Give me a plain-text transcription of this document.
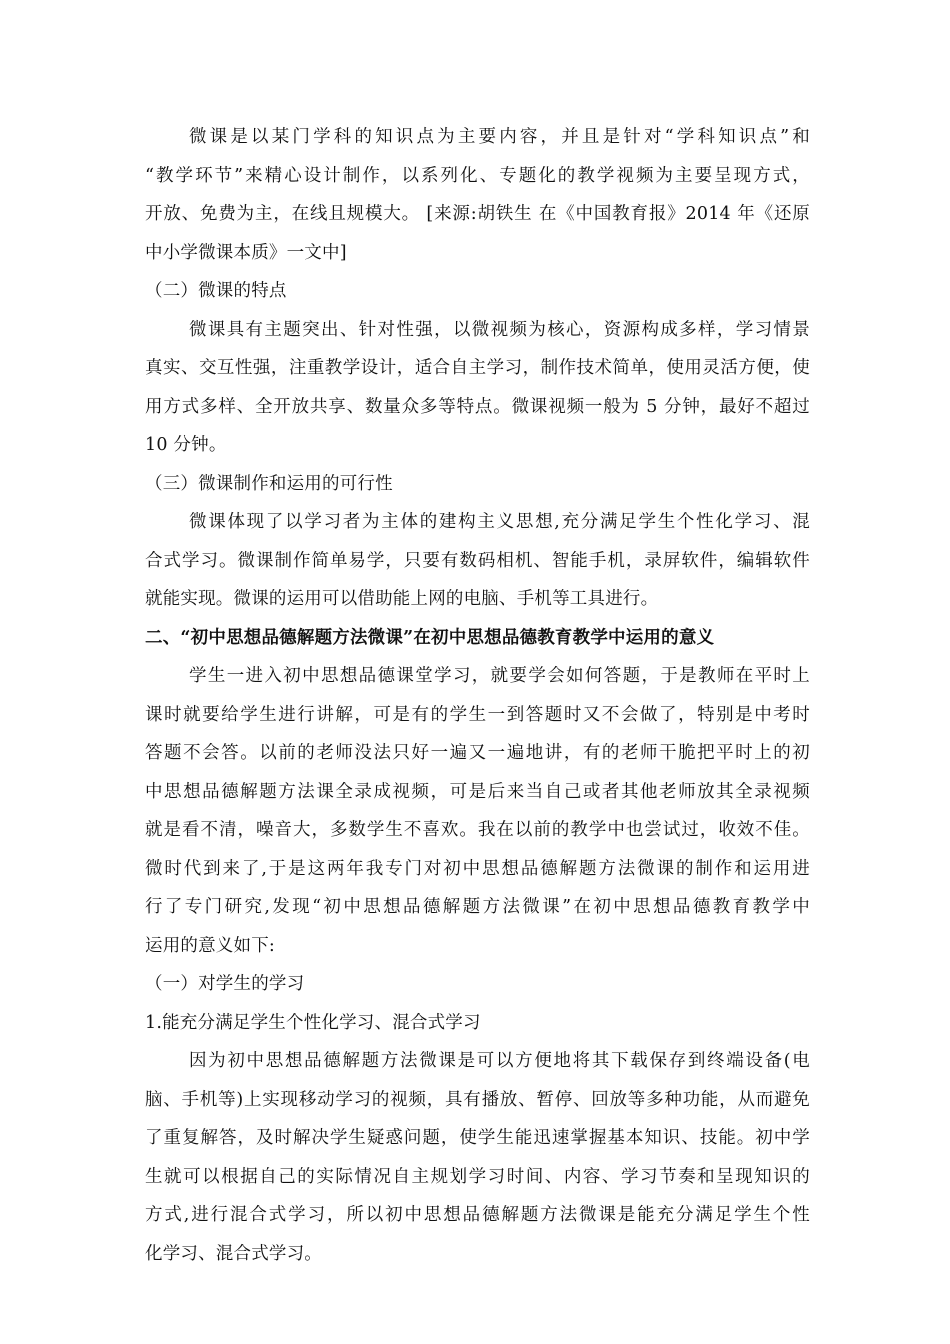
微课是以某门学科的知识点为主要内容，并且是针对“学科知识点”和
“教学环节”来精心设计制作，以系列化、专题化的教学视频为主要呈现方式，
开放、免费为主，在线且规模大。 [来源:胡铁生 在《中国教育报》2014 年《还原
中小学微课本质》一文中]
（二）微课的特点
微课具有主题突出、针对性强，以微视频为核心，资源构成多样，学习情景
真实、交互性强，注重教学设计，适合自主学习，制作技术简单，使用灵活方便，使
用方式多样、全开放共享、数量众多等特点。微课视频一般为 5 分钟，最好不超过
10 分钟。
（三）微课制作和运用的可行性
微课体现了以学习者为主体的建构主义思想,充分满足学生个性化学习、混
合式学习。微课制作简单易学，只要有数码相机、智能手机，录屏软件，编辑软件
就能实现。微课的运用可以借助能上网的电脑、手机等工具进行。
二、“初中思想品德解题方法微课”在初中思想品德教育教学中运用的意义
学生一进入初中思想品德课堂学习，就要学会如何答题，于是教师在平时上
课时就要给学生进行讲解，可是有的学生一到答题时又不会做了，特别是中考时
答题不会答。以前的老师没法只好一遍又一遍地讲，有的老师干脆把平时上的初
中思想品德解题方法课全录成视频，可是后来当自己或者其他老师放其全录视频
就是看不清，噪音大，多数学生不喜欢。我在以前的教学中也尝试过，收效不佳。
微时代到来了,于是这两年我专门对初中思想品德解题方法微课的制作和运用进
行了专门研究,发现“初中思想品德解题方法微课”在初中思想品德教育教学中
运用的意义如下:
（一）对学生的学习
1.能充分满足学生个性化学习、混合式学习
因为初中思想品德解题方法微课是可以方便地将其下载保存到终端设备(电
脑、手机等)上实现移动学习的视频，具有播放、暂停、回放等多种功能，从而避免
了重复解答，及时解决学生疑惑问题，使学生能迅速掌握基本知识、技能。初中学
生就可以根据自己的实际情况自主规划学习时间、内容、学习节奏和呈现知识的
方式,进行混合式学习，所以初中思想品德解题方法微课是能充分满足学生个性
化学习、混合式学习。
